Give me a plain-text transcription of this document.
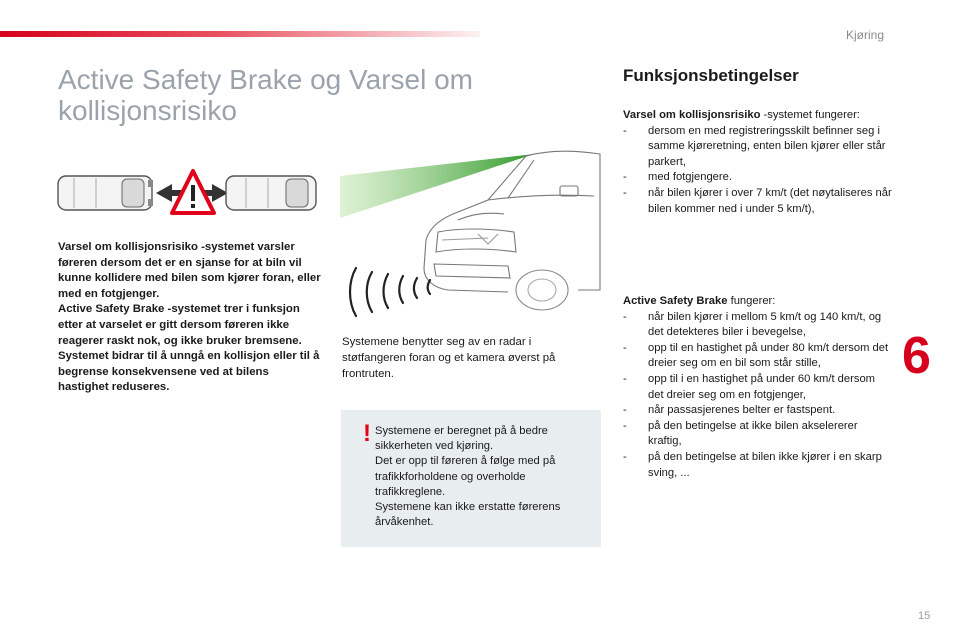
Kjøring
Active Safety Brake og Varsel om kollisjonsrisiko

Varsel om kollisjonsrisiko -systemet varsler føreren dersom det er en sjanse for at biln vil kunne kollidere med bilen som kjører foran, eller med en fotgjenger.

Active Safety Brake -systemet trer i funksjon etter at varselet er gitt dersom føreren ikke reagerer raskt nok, og ikke bruker bremsene.

Systemet bidrar til å unngå en kollisjon eller til å begrense konsekvensene ved at bilens hastighet reduseres.

Systemene benytter seg av en radar i støtfangeren foran og et kamera øverst på frontruten.
! Systemene er beregnet på å bedre sikkerheten ved kjøring.
Det er opp til føreren å følge med på trafikkforholdene og overholde trafikkreglene.
Systemene kan ikke erstatte førerens årvåkenhet.
Funksjonsbetingelser
Varsel om kollisjonsrisiko -systemet fungerer:
- dersom en med registreringsskilt befinner seg i samme kjøreretning, enten bilen kjører eller står parkert,
- med fotgjengere.
- når bilen kjører i over 7 km/t (det nøytaliseres når bilen kommer ned i under 5 km/t),
Active Safety Brake fungerer:
- når bilen kjører i mellom 5 km/t og 140 km/t, og det detekteres biler i bevegelse,
- opp til en hastighet på under 80 km/t dersom det dreier seg om en bil som står stille,
- opp til i en hastighet på under 60 km/t dersom det dreier seg om en fotgjenger,
- når passasjerenes belter er fastspent.
- på den betingelse at ikke bilen akselererer kraftig,
- på den betingelse at bilen ikke kjører i en skarp sving, ...
6
15
